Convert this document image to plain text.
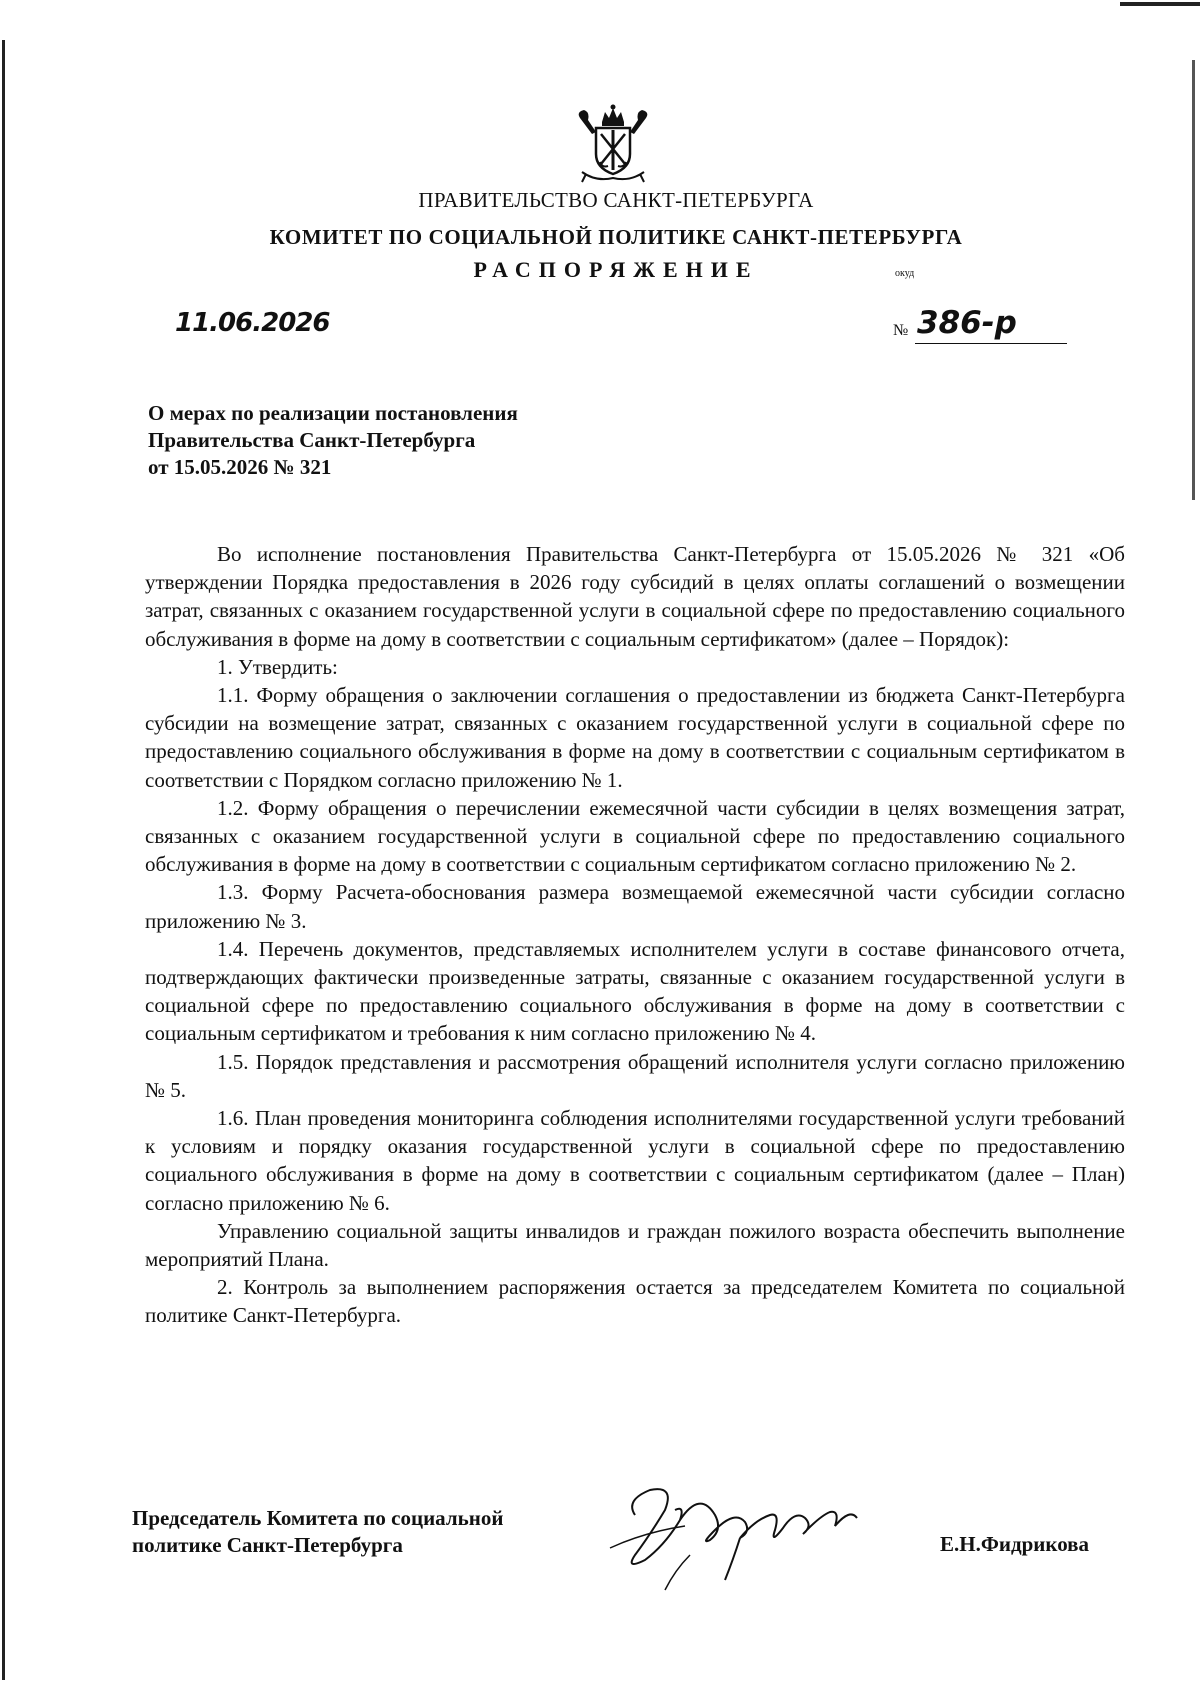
ПРАВИТЕЛЬСТВО САНКТ-ПЕТЕРБУРГА
КОМИТЕТ ПО СОЦИАЛЬНОЙ ПОЛИТИКЕ САНКТ-ПЕТЕРБУРГА
РАСПОРЯЖЕНИЕ	окуд
11.06.2026	№ 386-р
О мерах по реализации постановления
Правительства Санкт-Петербурга
от 15.05.2026 № 321

Во исполнение постановления Правительства Санкт-Петербурга от 15.05.2026 № 321 «Об утверждении Порядка предоставления в 2026 году субсидий в целях оплаты соглашений о возмещении затрат, связанных с оказанием государственной услуги в социальной сфере по предоставлению социального обслуживания в форме на дому в соответствии с социальным сертификатом» (далее – Порядок):

1. Утвердить:

1.1. Форму обращения о заключении соглашения о предоставлении из бюджета Санкт-Петербурга субсидии на возмещение затрат, связанных с оказанием государственной услуги в социальной сфере по предоставлению социального обслуживания в форме на дому в соответствии с социальным сертификатом в соответствии с Порядком согласно приложению № 1.

1.2. Форму обращения о перечислении ежемесячной части субсидии в целях возмещения затрат, связанных с оказанием государственной услуги в социальной сфере по предоставлению социального обслуживания в форме на дому в соответствии с социальным сертификатом согласно приложению № 2.

1.3. Форму Расчета-обоснования размера возмещаемой ежемесячной части субсидии согласно приложению № 3.

1.4. Перечень документов, представляемых исполнителем услуги в составе финансового отчета, подтверждающих фактически произведенные затраты, связанные с оказанием государственной услуги в социальной сфере по предоставлению социального обслуживания в форме на дому в соответствии с социальным сертификатом и требования к ним согласно приложению № 4.

1.5. Порядок представления и рассмотрения обращений исполнителя услуги согласно приложению № 5.

1.6. План проведения мониторинга соблюдения исполнителями государственной услуги требований к условиям и порядку оказания государственной услуги в социальной сфере по предоставлению социального обслуживания в форме на дому в соответствии с социальным сертификатом (далее – План) согласно приложению № 6.

Управлению социальной защиты инвалидов и граждан пожилого возраста обеспечить выполнение мероприятий Плана.

2. Контроль за выполнением распоряжения остается за председателем Комитета по социальной политике Санкт-Петербурга.

Председатель Комитета по социальной
политике Санкт-Петербурга	Е.Н.Фидрикова
